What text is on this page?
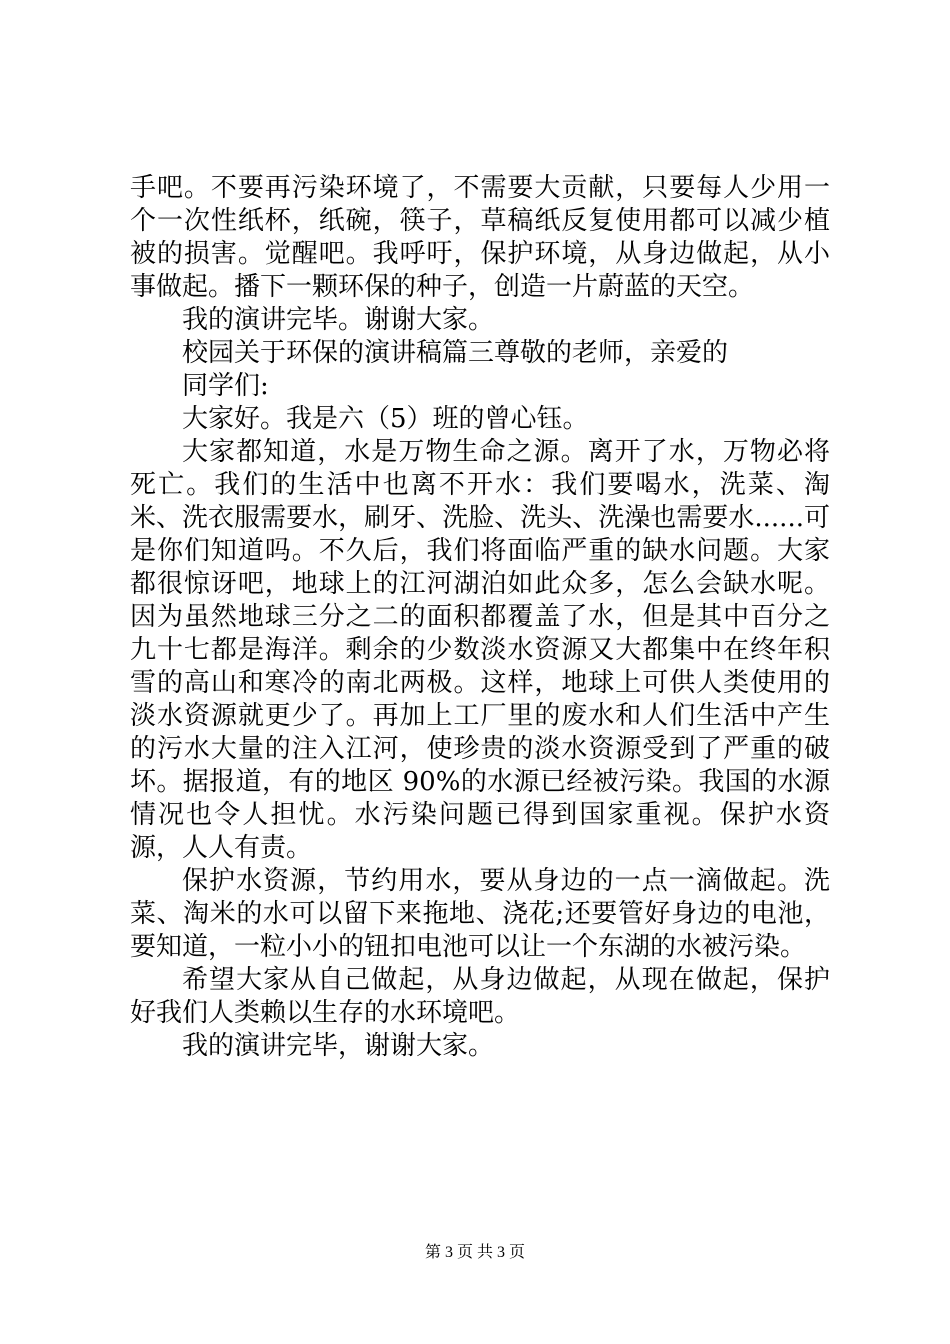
手吧。不要再污染环境了，不需要大贡献，只要每人少用一个一次性纸杯，纸碗，筷子，草稿纸反复使用都可以减少植被的损害。觉醒吧。我呼吁，保护环境，从身边做起，从小事做起。播下一颗环保的种子，创造一片蔚蓝的天空。

我的演讲完毕。谢谢大家。

校园关于环保的演讲稿篇三尊敬的老师，亲爱的

同学们:

大家好。我是六（5）班的曾心钰。

大家都知道，水是万物生命之源。离开了水，万物必将死亡。我们的生活中也离不开水：我们要喝水，洗菜、淘米、洗衣服需要水，刷牙、洗脸、洗头、洗澡也需要水......可是你们知道吗。不久后，我们将面临严重的缺水问题。大家都很惊讶吧，地球上的江河湖泊如此众多，怎么会缺水呢。因为虽然地球三分之二的面积都覆盖了水，但是其中百分之九十七都是海洋。剩余的少数淡水资源又大都集中在终年积雪的高山和寒冷的南北两极。这样，地球上可供人类使用的淡水资源就更少了。再加上工厂里的废水和人们生活中产生的污水大量的注入江河，使珍贵的淡水资源受到了严重的破坏。据报道，有的地区 90%的水源已经被污染。我国的水源情况也令人担忧。水污染问题已得到国家重视。保护水资源，人人有责。

保护水资源，节约用水，要从身边的一点一滴做起。洗菜、淘米的水可以留下来拖地、浇花;还要管好身边的电池，要知道，一粒小小的钮扣电池可以让一个东湖的水被污染。

希望大家从自己做起，从身边做起，从现在做起，保护好我们人类赖以生存的水环境吧。

我的演讲完毕，谢谢大家。

第 3 页 共 3 页
